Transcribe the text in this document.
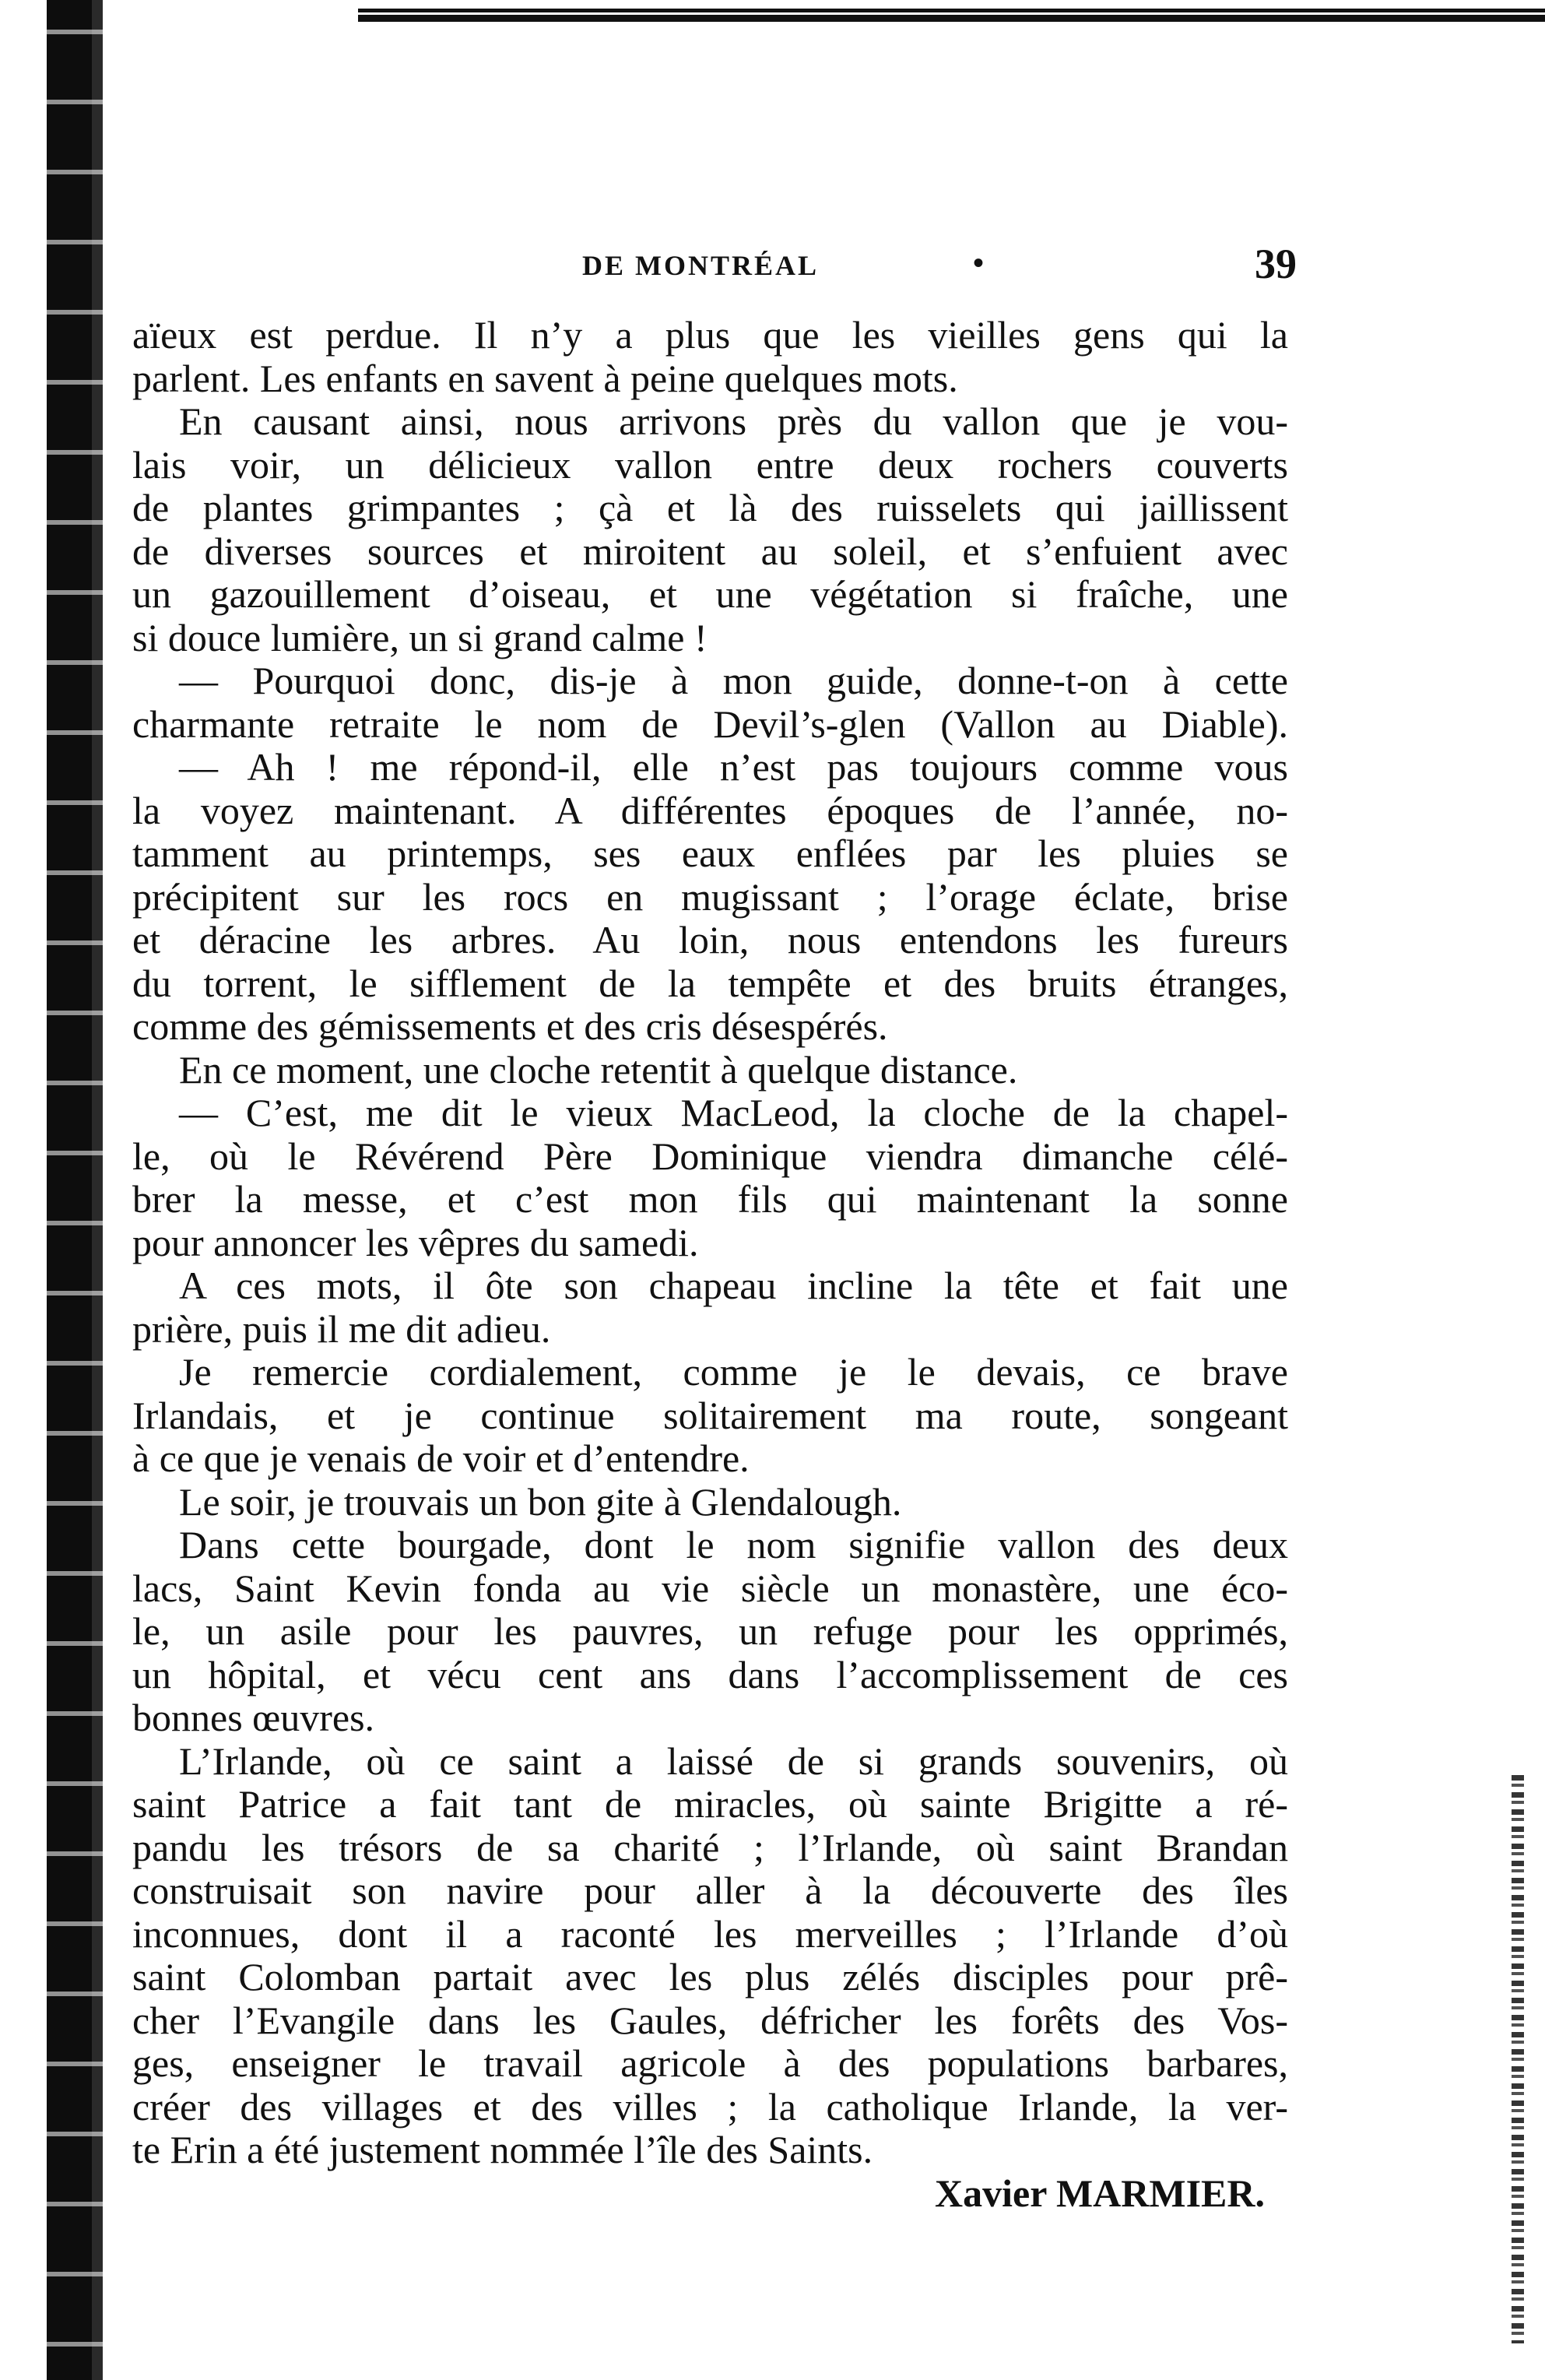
DE MONTRÉAL	•	39
aïeux est perdue. Il n’y a plus que les vieilles gens qui la
parlent. Les enfants en savent à peine quelques mots.
En causant ainsi, nous arrivons près du vallon que je vou-
lais voir, un délicieux vallon entre deux rochers couverts
de plantes grimpantes ; çà et là des ruisselets qui jaillissent
de diverses sources et miroitent au soleil, et s’enfuient avec
un gazouillement d’oiseau, et une végétation si fraîche, une
si douce lumière, un si grand calme !
— Pourquoi donc, dis-je à mon guide, donne-t-on à cette
charmante retraite le nom de Devil’s-glen (Vallon au Diable).
— Ah ! me répond-il, elle n’est pas toujours comme vous
la voyez maintenant. A différentes époques de l’année, no-
tamment au printemps, ses eaux enflées par les pluies se
précipitent sur les rocs en mugissant ; l’orage éclate, brise
et déracine les arbres. Au loin, nous entendons les fureurs
du torrent, le sifflement de la tempête et des bruits étranges,
comme des gémissements et des cris désespérés.
En ce moment, une cloche retentit à quelque distance.
— C’est, me dit le vieux MacLeod, la cloche de la chapel-
le, où le Révérend Père Dominique viendra dimanche célé-
brer la messe, et c’est mon fils qui maintenant la sonne
pour annoncer les vêpres du samedi.
A ces mots, il ôte son chapeau incline la tête et fait une
prière, puis il me dit adieu.
Je remercie cordialement, comme je le devais, ce brave
Irlandais, et je continue solitairement ma route, songeant
à ce que je venais de voir et d’entendre.
Le soir, je trouvais un bon gite à Glendalough.
Dans cette bourgade, dont le nom signifie vallon des deux
lacs, Saint Kevin fonda au vie siècle un monastère, une éco-
le, un asile pour les pauvres, un refuge pour les opprimés,
un hôpital, et vécu cent ans dans l’accomplissement de ces
bonnes œuvres.
L’Irlande, où ce saint a laissé de si grands souvenirs, où
saint Patrice a fait tant de miracles, où sainte Brigitte a ré-
pandu les trésors de sa charité ; l’Irlande, où saint Brandan
construisait son navire pour aller à la découverte des îles
inconnues, dont il a raconté les merveilles ; l’Irlande d’où
saint Colomban partait avec les plus zélés disciples pour prê-
cher l’Evangile dans les Gaules, défricher les forêts des Vos-
ges, enseigner le travail agricole à des populations barbares,
créer des villages et des villes ; la catholique Irlande, la ver-
te Erin a été justement nommée l’île des Saints.
Xavier MARMIER.
